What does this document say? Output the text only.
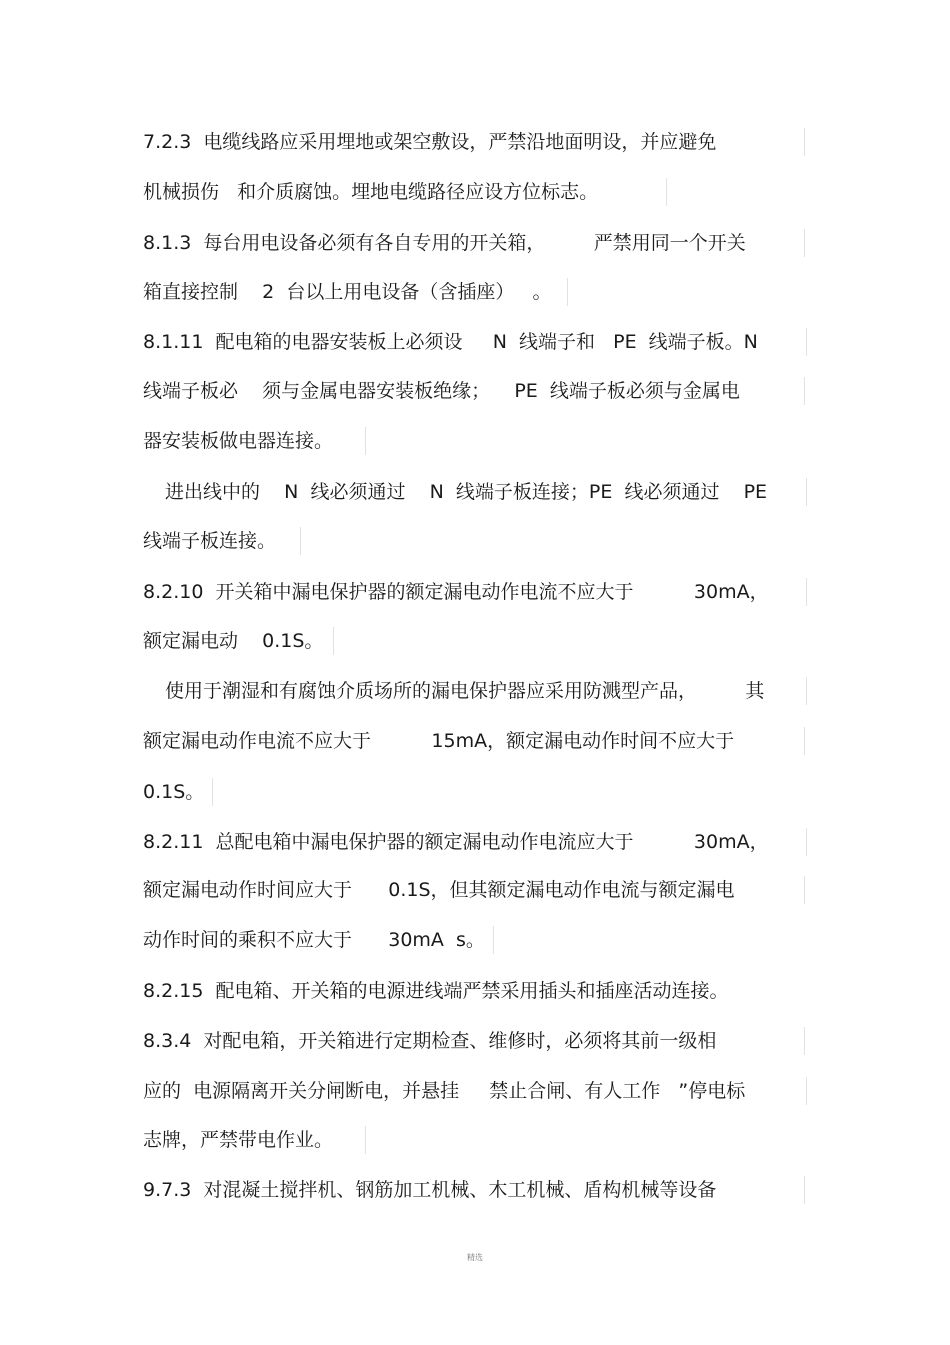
7.2.3  电缆线路应采用埋地或架空敷设，严禁沿地面明设，并应避免
机械损伤   和介质腐蚀。埋地电缆路径应设方位标志。
8.1.3  每台用电设备必须有各自专用的开关箱，        严禁用同一个开关
箱直接控制    2  台以上用电设备（含插座）   。
8.1.11  配电箱的电器安装板上必须设     N  线端子和   PE  线端子板。N
线端子板必    须与金属电器安装板绝缘；    PE  线端子板必须与金属电
器安装板做电器连接。
进出线中的    N  线必须通过    N  线端子板连接；PE  线必须通过    PE
线端子板连接。
8.2.10  开关箱中漏电保护器的额定漏电动作电流不应大于          30mA，
额定漏电动    0.1S。
使用于潮湿和有腐蚀介质场所的漏电保护器应采用防溅型产品，        其
额定漏电动作电流不应大于          15mA，额定漏电动作时间不应大于
0.1S。
8.2.11  总配电箱中漏电保护器的额定漏电动作电流应大于          30mA，
额定漏电动作时间应大于      0.1S，但其额定漏电动作电流与额定漏电
动作时间的乘积不应大于      30mA  s。
8.2.15  配电箱、开关箱的电源进线端严禁采用插头和插座活动连接。
8.3.4  对配电箱，开关箱进行定期检查、维修时，必须将其前一级相
应的  电源隔离开关分闸断电，并悬挂     禁止合闸、有人工作   ”停电标
志牌，严禁带电作业。
9.7.3  对混凝土搅拌机、钢筋加工机械、木工机械、盾构机械等设备
精选
